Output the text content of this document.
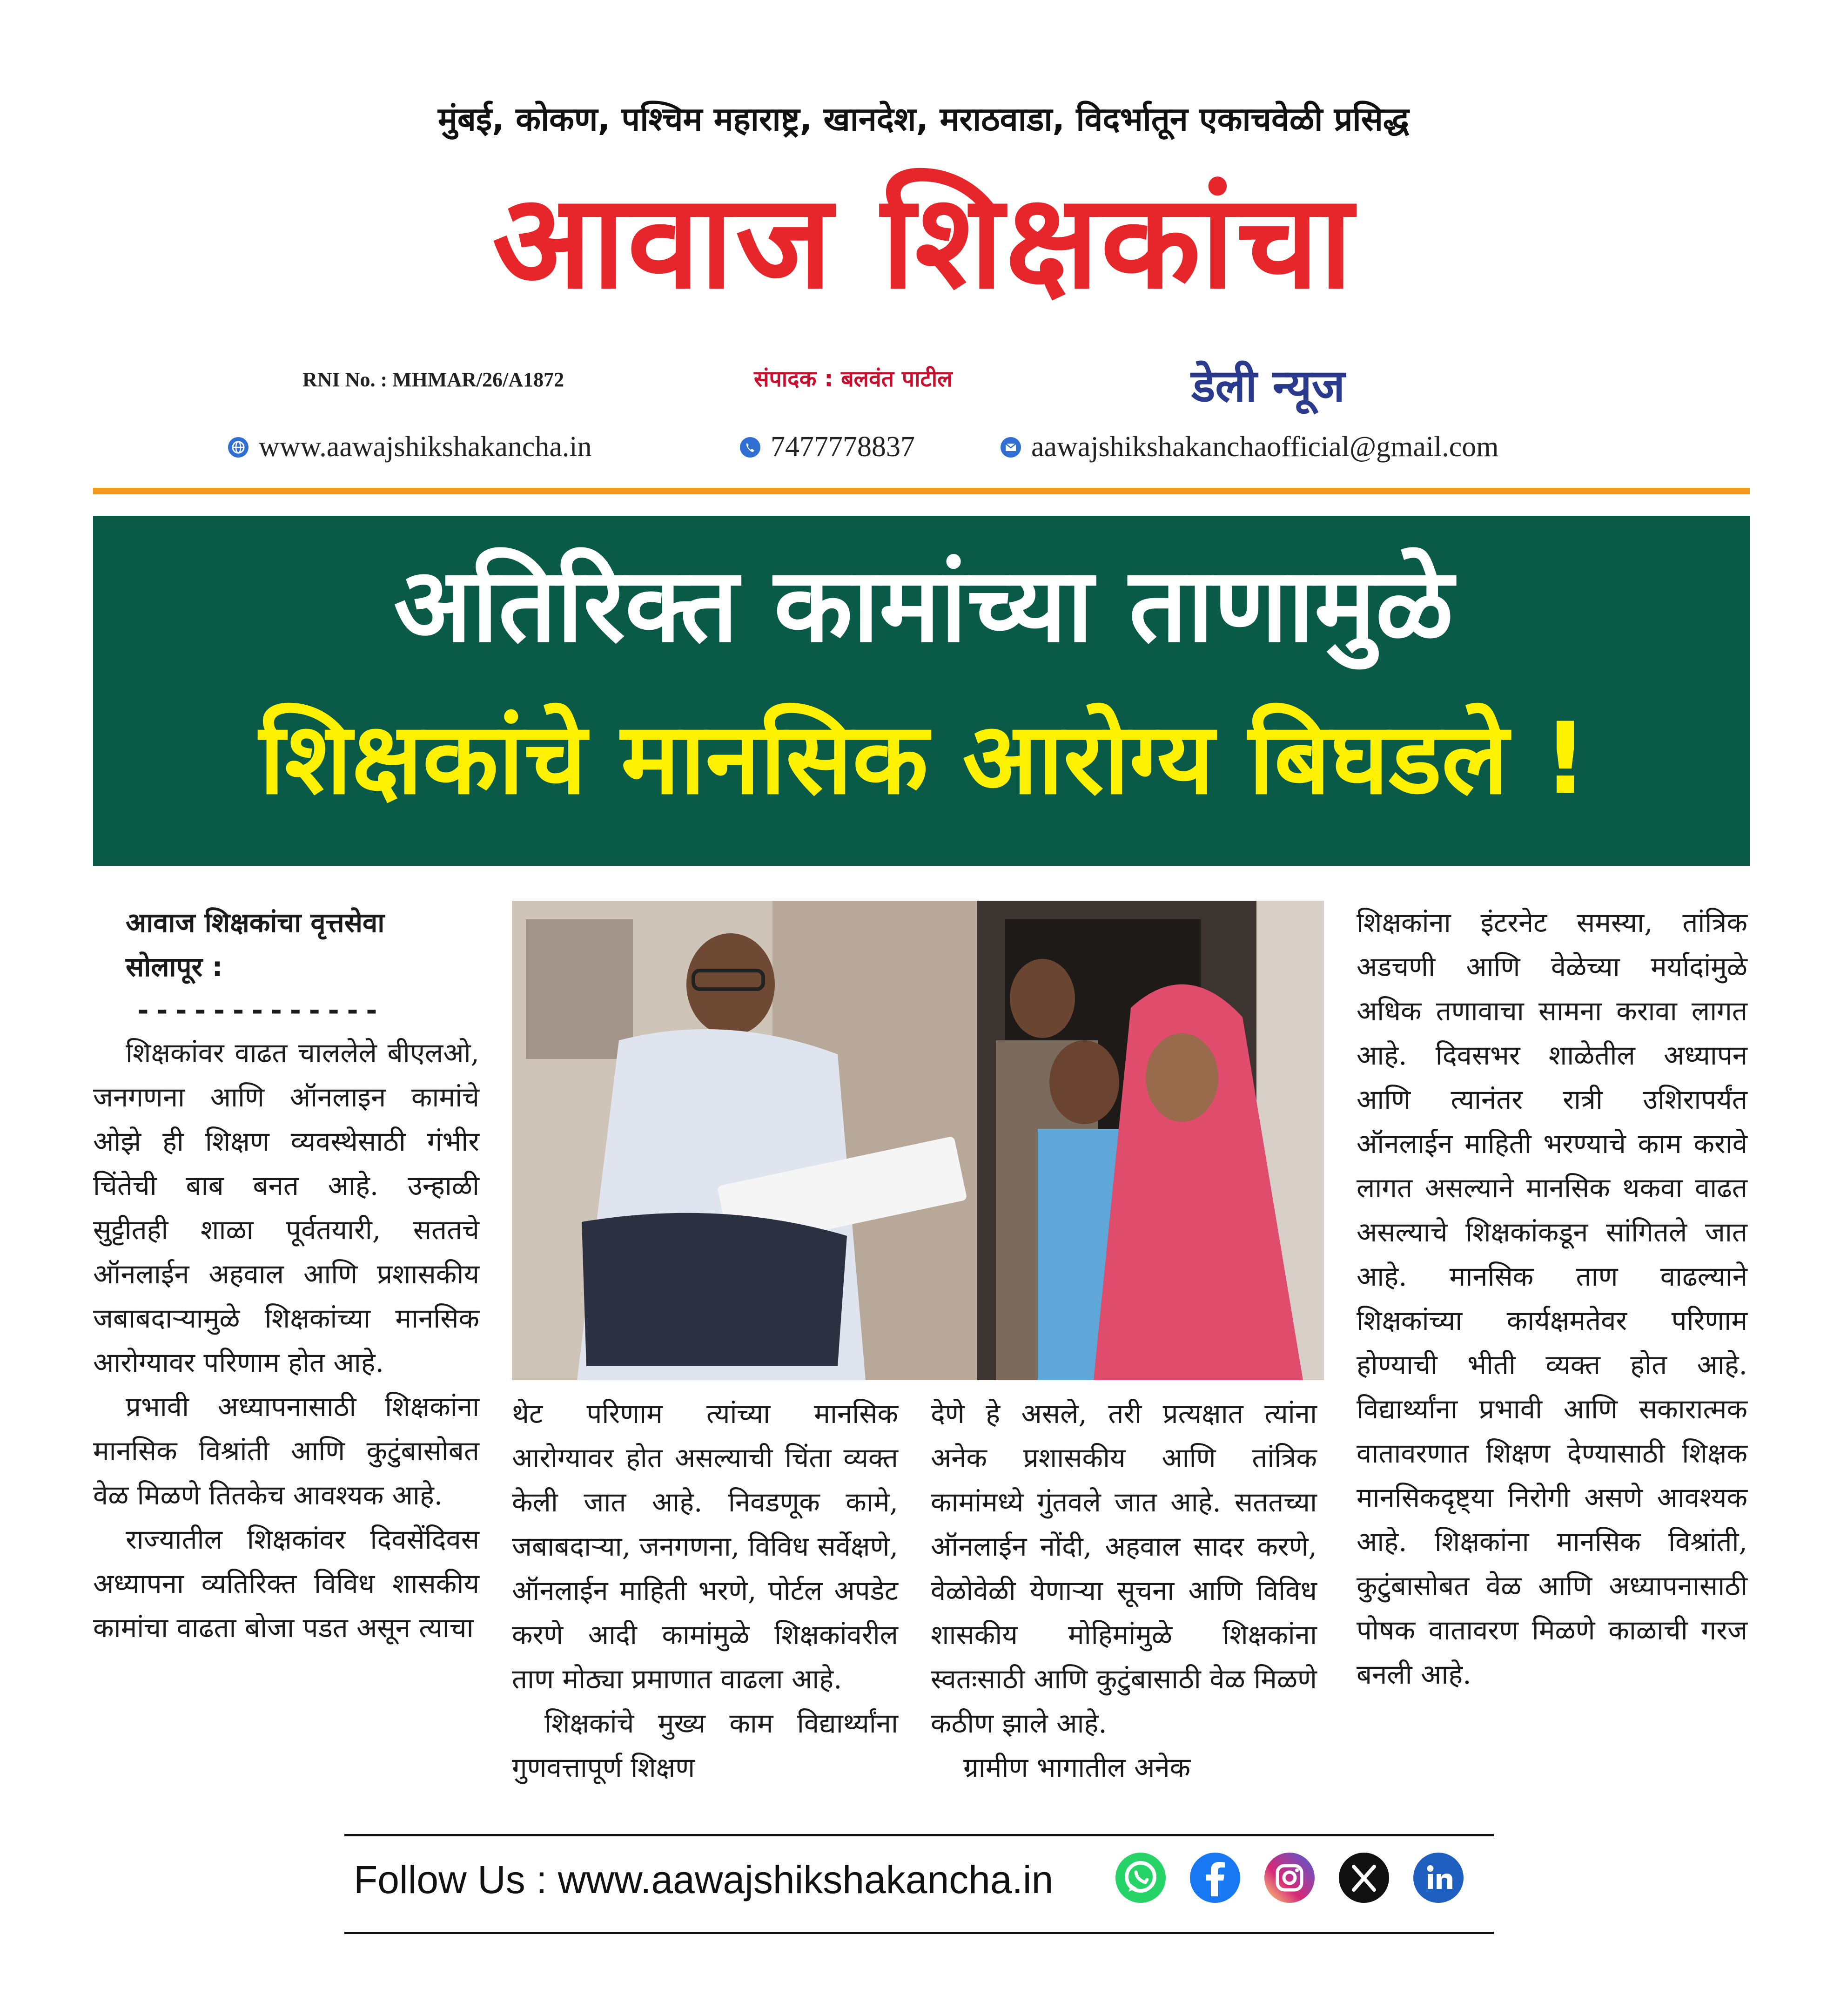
मुंबई, कोकण, पश्चिम महाराष्ट्र, खानदेश, मराठवाडा, विदर्भातून एकाचवेळी प्रसिद्ध
आवाज शिक्षकांचा
RNI No. : MHMAR/26/A1872	संपादक : बलवंत पाटील	डेली न्यूज
www.aawajshikshakancha.in	7477778837	aawajshikshakanchaofficial@gmail.com
अतिरिक्त कामांच्या ताणामुळे
शिक्षकांचे मानसिक आरोग्य बिघडले !
आवाज शिक्षकांचा वृत्तसेवा
सोलापूर :
-------------

शिक्षकांवर वाढत चाललेले बीएलओ, जनगणना आणि ऑनलाइन कामांचे ओझे ही शिक्षण व्यवस्थेसाठी गंभीर चिंतेची बाब बनत आहे. उन्हाळी सुट्टीतही शाळा पूर्वतयारी, सततचे ऑनलाईन अहवाल आणि प्रशासकीय जबाबदाऱ्यामुळे शिक्षकांच्या मानसिक आरोग्यावर परिणाम होत आहे.

प्रभावी अध्यापनासाठी शिक्षकांना मानसिक विश्रांती आणि कुटुंबासोबत वेळ मिळणे तितकेच आवश्यक आहे.

राज्यातील शिक्षकांवर दिवसेंदिवस अध्यापना व्यतिरिक्त विविध शासकीय कामांचा वाढता बोजा पडत असून त्याचा

थेट परिणाम त्यांच्या मानसिक आरोग्यावर होत असल्याची चिंता व्यक्त केली जात आहे. निवडणूक कामे, जबाबदाऱ्या, जनगणना, विविध सर्वेक्षणे, ऑनलाईन माहिती भरणे, पोर्टल अपडेट करणे आदी कामांमुळे शिक्षकांवरील ताण मोठ्या प्रमाणात वाढला आहे.

शिक्षकांचे मुख्य काम विद्यार्थ्यांना गुणवत्तापूर्ण शिक्षण

देणे हे असले, तरी प्रत्यक्षात त्यांना अनेक प्रशासकीय आणि तांत्रिक कामांमध्ये गुंतवले जात आहे. सततच्या ऑनलाईन नोंदी, अहवाल सादर करणे, वेळोवेळी येणाऱ्या सूचना आणि विविध शासकीय मोहिमांमुळे शिक्षकांना स्वतःसाठी आणि कुटुंबासाठी वेळ मिळणे कठीण झाले आहे.

ग्रामीण भागातील अनेक

शिक्षकांना इंटरनेट समस्या, तांत्रिक अडचणी आणि वेळेच्या मर्यादांमुळे अधिक तणावाचा सामना करावा लागत आहे. दिवसभर शाळेतील अध्यापन आणि त्यानंतर रात्री उशिरापर्यंत ऑनलाईन माहिती भरण्याचे काम करावे लागत असल्याने मानसिक थकवा वाढत असल्याचे शिक्षकांकडून सांगितले जात आहे. मानसिक ताण वाढल्याने शिक्षकांच्या कार्यक्षमतेवर परिणाम होण्याची भीती व्यक्त होत आहे. विद्यार्थ्यांना प्रभावी आणि सकारात्मक वातावरणात शिक्षण देण्यासाठी शिक्षक मानसिकदृष्ट्या निरोगी असणे आवश्यक आहे. शिक्षकांना मानसिक विश्रांती, कुटुंबासोबत वेळ आणि अध्यापनासाठी पोषक वातावरण मिळणे काळाची गरज बनली आहे.

Follow Us : www.aawajshikshakancha.in
